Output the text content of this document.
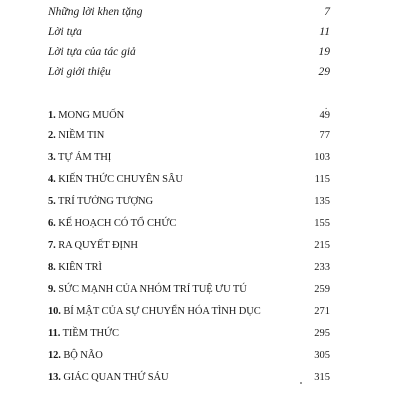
Những lời khen tặng	7
Lời tựa	11
Lời tựa của tác giả	19
Lời giới thiệu	29
.
1. MONG MUỐN	49
2. NIỀM TIN	77
3. TỰ ÁM THỊ	103
4. KIẾN THỨC CHUYÊN SÂU	115
5. TRÍ TƯỞNG TƯỢNG	135
6. KẾ HOẠCH CÓ TỔ CHỨC	155
7. RA QUYẾT ĐỊNH	215
8. KIÊN TRÌ	233
9. SỨC MẠNH CỦA NHÓM TRÍ TUỆ ƯU TÚ	259
10. BÍ MẬT CỦA SỰ CHUYỂN HÓA TÌNH DỤC	271
11. TIỀM THỨC	295
12. BỘ NÃO	305
13. GIÁC QUAN THỨ SÁU	315
